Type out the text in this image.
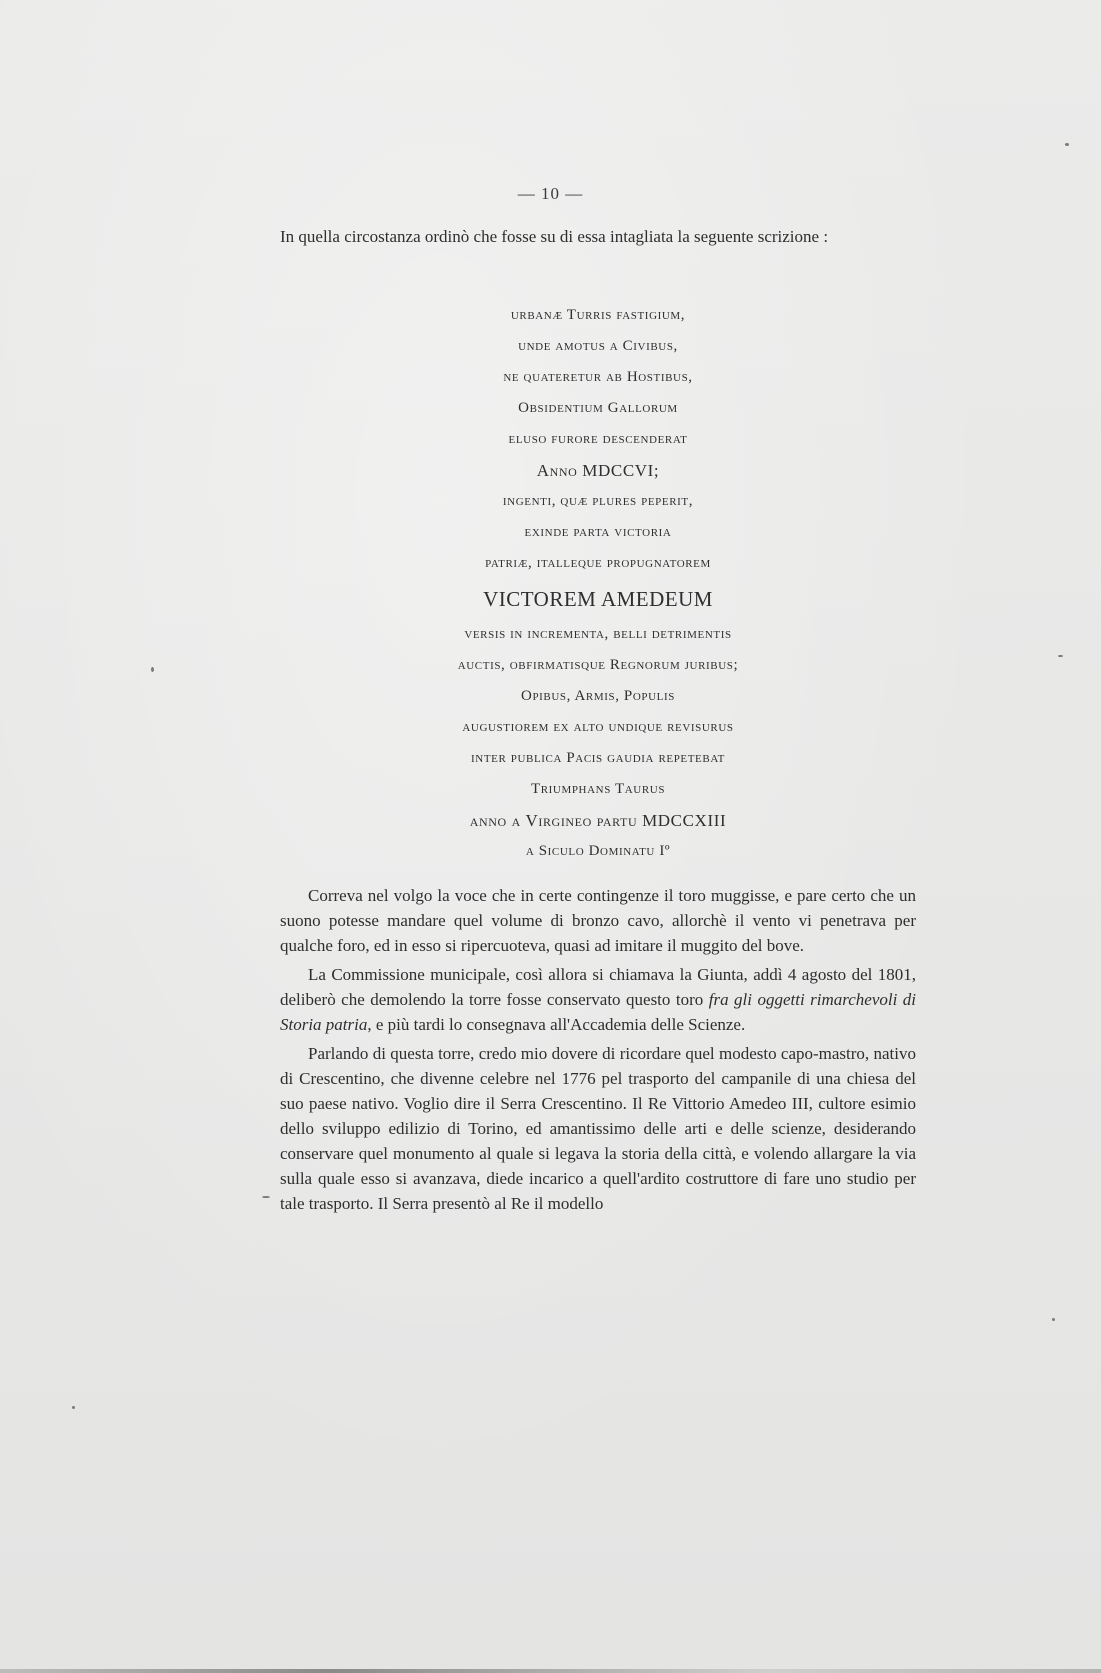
— 10 —

In quella circostanza ordinò che fosse su di essa intagliata la seguente scrizione :

urbanæ Turris fastigium,
unde amotus a Civibus,
ne quateretur ab Hostibus,
Obsidentium Gallorum
eluso furore descenderat
Anno MDCCVI;
ingenti, quæ plures peperit,
exinde parta victoria
patriæ, italleque propugnatorem
VICTOREM AMEDEUM
versis in incrementa, belli detrimentis
auctis, obfirmatisque Regnorum juribus;
Opibus, Armis, Populis
augustiorem ex alto undique revisurus
inter publica Pacis gaudia repetebat
Triumphans Taurus
anno a Virgineo partu MDCCXIII
a Siculo Dominatu Iº

Correva nel volgo la voce che in certe contingenze il toro muggisse, e pare certo che un suono potesse mandare quel volume di bronzo cavo, allorchè il vento vi penetrava per qualche foro, ed in esso si ripercuoteva, quasi ad imitare il muggito del bove.

La Commissione municipale, così allora si chiamava la Giunta, addì 4 agosto del 1801, deliberò che demolendo la torre fosse conservato questo toro fra gli oggetti rimarchevoli di Storia patria, e più tardi lo consegnava all'Accademia delle Scienze.

Parlando di questa torre, credo mio dovere di ricordare quel modesto capo-mastro, nativo di Crescentino, che divenne celebre nel 1776 pel trasporto del campanile di una chiesa del suo paese nativo. Voglio dire il Serra Crescentino. Il Re Vittorio Amedeo III, cultore esimio dello sviluppo edilizio di Torino, ed amantissimo delle arti e delle scienze, desiderando conservare quel monumento al quale si legava la storia della città, e volendo allargare la via sulla quale esso si avanzava, diede incarico a quell'ardito costruttore di fare uno studio per tale trasporto. Il Serra presentò al Re il modello
